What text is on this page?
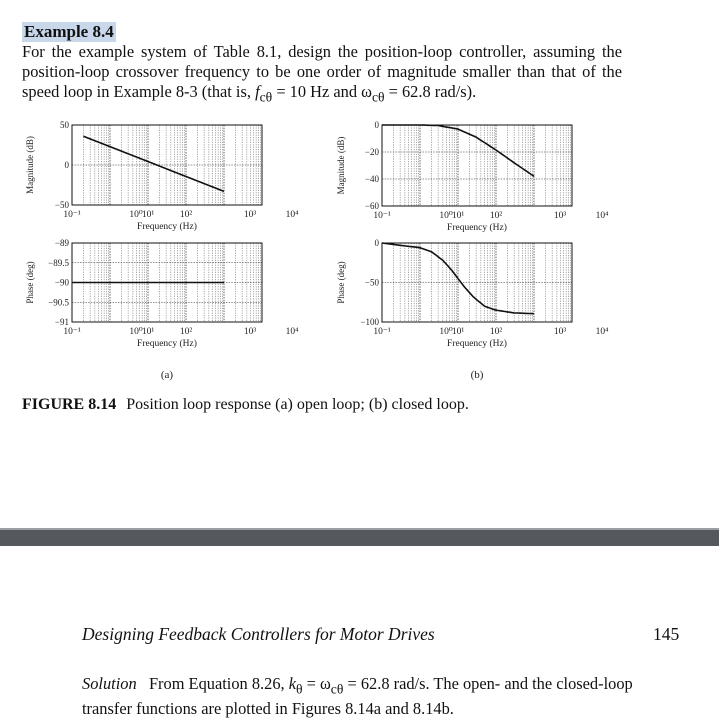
Example 8.4
For the example system of Table 8.1, design the position-loop controller, assuming the position-loop crossover frequency to be one order of magnitude smaller than that of the speed loop in Example 8-3 (that is, $f_{c\theta} = 10$ Hz and $\omega_{c\theta} = 62.8$ rad/s).
50
0
−50
10⁻¹	10⁰ 10¹	10²	10³	10⁴
Frequency (Hz)
Magnitude (dB)
−89
−89.5
−90
−90.5
−91
10⁻¹	10⁰ 10¹	10²	10³	10⁴
Frequency (Hz)
Phase (deg)
0
−20
−40
−60
10⁻¹	10⁰ 10¹	10²	10³	10⁴
Frequency (Hz)
Magnitude (dB)
0
−50
−100
10⁻¹	10⁰ 10¹	10²	10³	10⁴
Frequency (Hz)
Phase (deg)
(a)	(b)
FIGURE 8.14 Position loop response (a) open loop; (b) closed loop.
Designing Feedback Controllers for Motor Drives	145
Solution From Equation 8.26, $k_\theta = \omega_{c\theta} = 62.8$ rad/s. The open- and the closed-loop transfer functions are plotted in Figures 8.14a and 8.14b.
